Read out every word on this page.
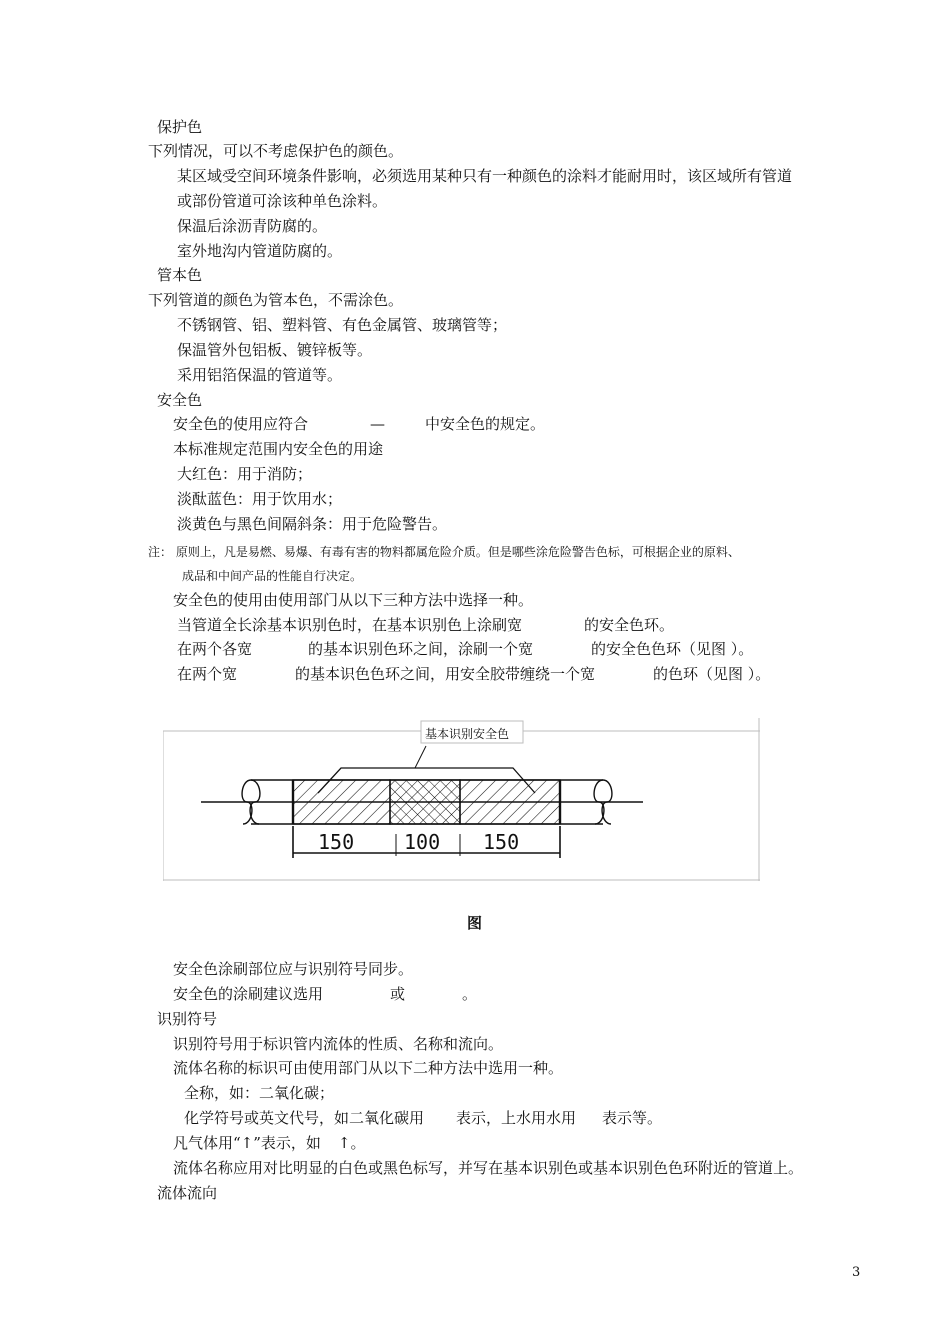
保护色
下列情况，可以不考虑保护色的颜色。
某区域受空间环境条件影响，必须选用某种只有一种颜色的涂料才能耐用时，该区域所有管道
或部份管道可涂该种单色涂料。
保温后涂沥青防腐的。
室外地沟内管道防腐的。
管本色
下列管道的颜色为管本色，不需涂色。
不锈钢管、铝、塑料管、有色金属管、玻璃管等；
保温管外包铝板、镀锌板等。
采用铝箔保温的管道等。
安全色
安全色的使用应符合	—	中安全色的规定。
本标准规定范围内安全色的用途
大红色：用于消防；
淡酞蓝色：用于饮用水；
淡黄色与黑色间隔斜条：用于危险警告。
注： 原则上，凡是易燃、易爆、有毒有害的物料都属危险介质。但是哪些涂危险警告色标，可根据企业的原料、
成品和中间产品的性能自行决定。
安全色的使用由使用部门从以下三种方法中选择一种。
当管道全长涂基本识别色时，在基本识别色上涂刷宽	的安全色环。
在两个各宽	的基本识别色环之间，涂刷一个宽	的安全色色环（见图 ）。
在两个宽	的基本识色色环之间，用安全胶带缠绕一个宽	的色环（见图 ）。
基本识别安全色
150 100 150
图
安全色涂刷部位应与识别符号同步。
安全色的涂刷建议选用	或	。
识别符号
识别符号用于标识管内流体的性质、名称和流向。
流体名称的标识可由使用部门从以下二种方法中选用一种。
全称，如：二氧化碳；
化学符号或英文代号，如二氧化碳用 表示，上水用水用 表示等。
凡气体用“↑”表示，如 ↑。
流体名称应用对比明显的白色或黑色标写，并写在基本识别色或基本识别色色环附近的管道上。
流体流向
3
